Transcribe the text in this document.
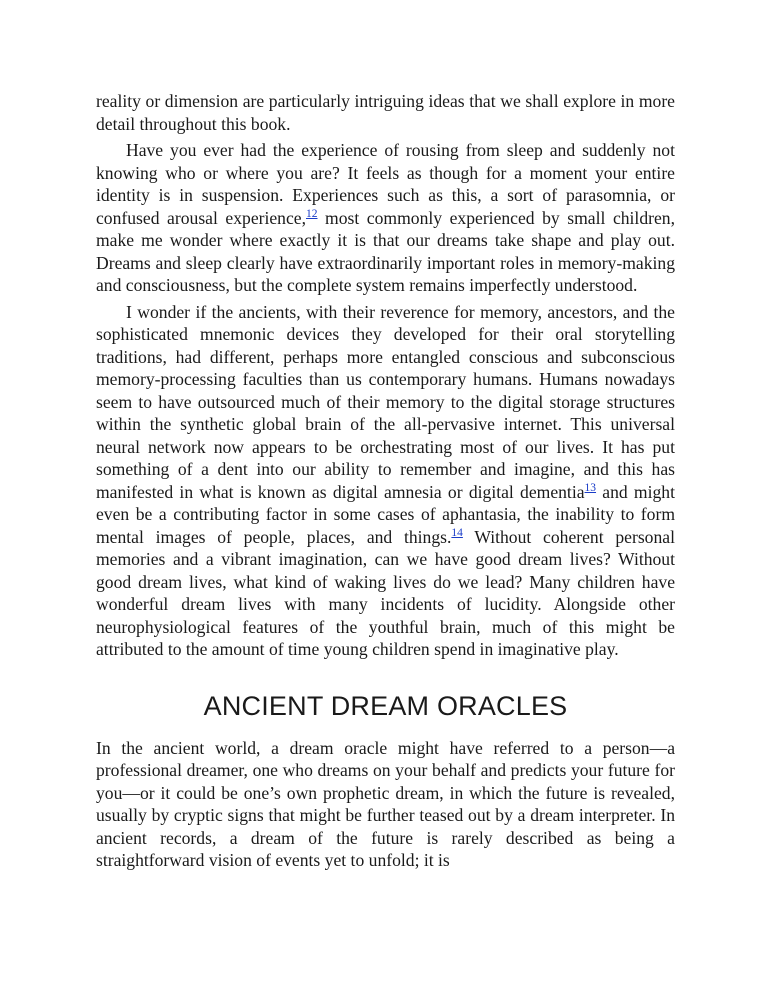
reality or dimension are particularly intriguing ideas that we shall explore in more detail throughout this book.

Have you ever had the experience of rousing from sleep and suddenly not knowing who or where you are? It feels as though for a moment your entire identity is in suspension. Experiences such as this, a sort of parasomnia, or confused arousal experience,$^{12}$ most commonly experienced by small children, make me wonder where exactly it is that our dreams take shape and play out. Dreams and sleep clearly have extraordinarily important roles in memory-making and consciousness, but the complete system remains imperfectly understood.

I wonder if the ancients, with their reverence for memory, ancestors, and the sophisticated mnemonic devices they developed for their oral storytelling traditions, had different, perhaps more entangled conscious and subconscious memory-processing faculties than us contemporary humans. Humans nowadays seem to have outsourced much of their memory to the digital storage structures within the synthetic global brain of the all-pervasive internet. This universal neural network now appears to be orchestrating most of our lives. It has put something of a dent into our ability to remember and imagine, and this has manifested in what is known as digital amnesia or digital dementia$^{13}$ and might even be a contributing factor in some cases of aphantasia, the inability to form mental images of people, places, and things.$^{14}$ Without coherent personal memories and a vibrant imagination, can we have good dream lives? Without good dream lives, what kind of waking lives do we lead? Many children have wonderful dream lives with many incidents of lucidity. Alongside other neurophysiological features of the youthful brain, much of this might be attributed to the amount of time young children spend in imaginative play.

ANCIENT DREAM ORACLES

In the ancient world, a dream oracle might have referred to a person—a professional dreamer, one who dreams on your behalf and predicts your future for you—or it could be one’s own prophetic dream, in which the future is revealed, usually by cryptic signs that might be further teased out by a dream interpreter. In ancient records, a dream of the future is rarely described as being a straightforward vision of events yet to unfold; it is
